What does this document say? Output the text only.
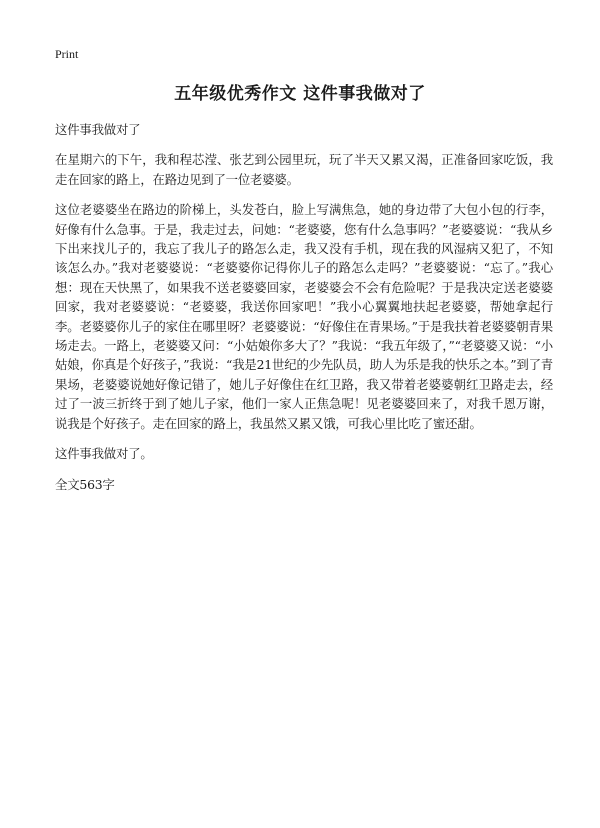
Print
五年级优秀作文 这件事我做对了

这件事我做对了

在星期六的下午，我和程芯滢、张艺到公园里玩，玩了半天又累又渴，正准备回家吃饭，我走在回家的路上，在路边见到了一位老婆婆。

这位老婆婆坐在路边的阶梯上，头发苍白，脸上写满焦急，她的身边带了大包小包的行李，好像有什么急事。于是，我走过去，问她：“老婆婆，您有什么急事吗？”老婆婆说：“我从乡下出来找儿子的，我忘了我儿子的路怎么走，我又没有手机，现在我的风湿病又犯了，不知该怎么办。”我对老婆婆说：“老婆婆你记得你儿子的路怎么走吗？”老婆婆说：“忘了。”我心想：现在天快黑了，如果我不送老婆婆回家，老婆婆会不会有危险呢？于是我决定送老婆婆回家，我对老婆婆说：“老婆婆，我送你回家吧！”我小心翼翼地扶起老婆婆，帮她拿起行李。老婆婆你儿子的家住在哪里呀？老婆婆说：“好像住在青果场。”于是我扶着老婆婆朝青果场走去。一路上，老婆婆又问：“小姑娘你多大了？”我说：“我五年级了，”“老婆婆又说：“小姑娘，你真是个好孩子，”我说：“我是21世纪的少先队员，助人为乐是我的快乐之本。”到了青果场，老婆婆说她好像记错了，她儿子好像住在红卫路，我又带着老婆婆朝红卫路走去，经过了一波三折终于到了她儿子家，他们一家人正焦急呢！见老婆婆回来了，对我千恩万谢，说我是个好孩子。走在回家的路上，我虽然又累又饿，可我心里比吃了蜜还甜。

这件事我做对了。

全文563字
